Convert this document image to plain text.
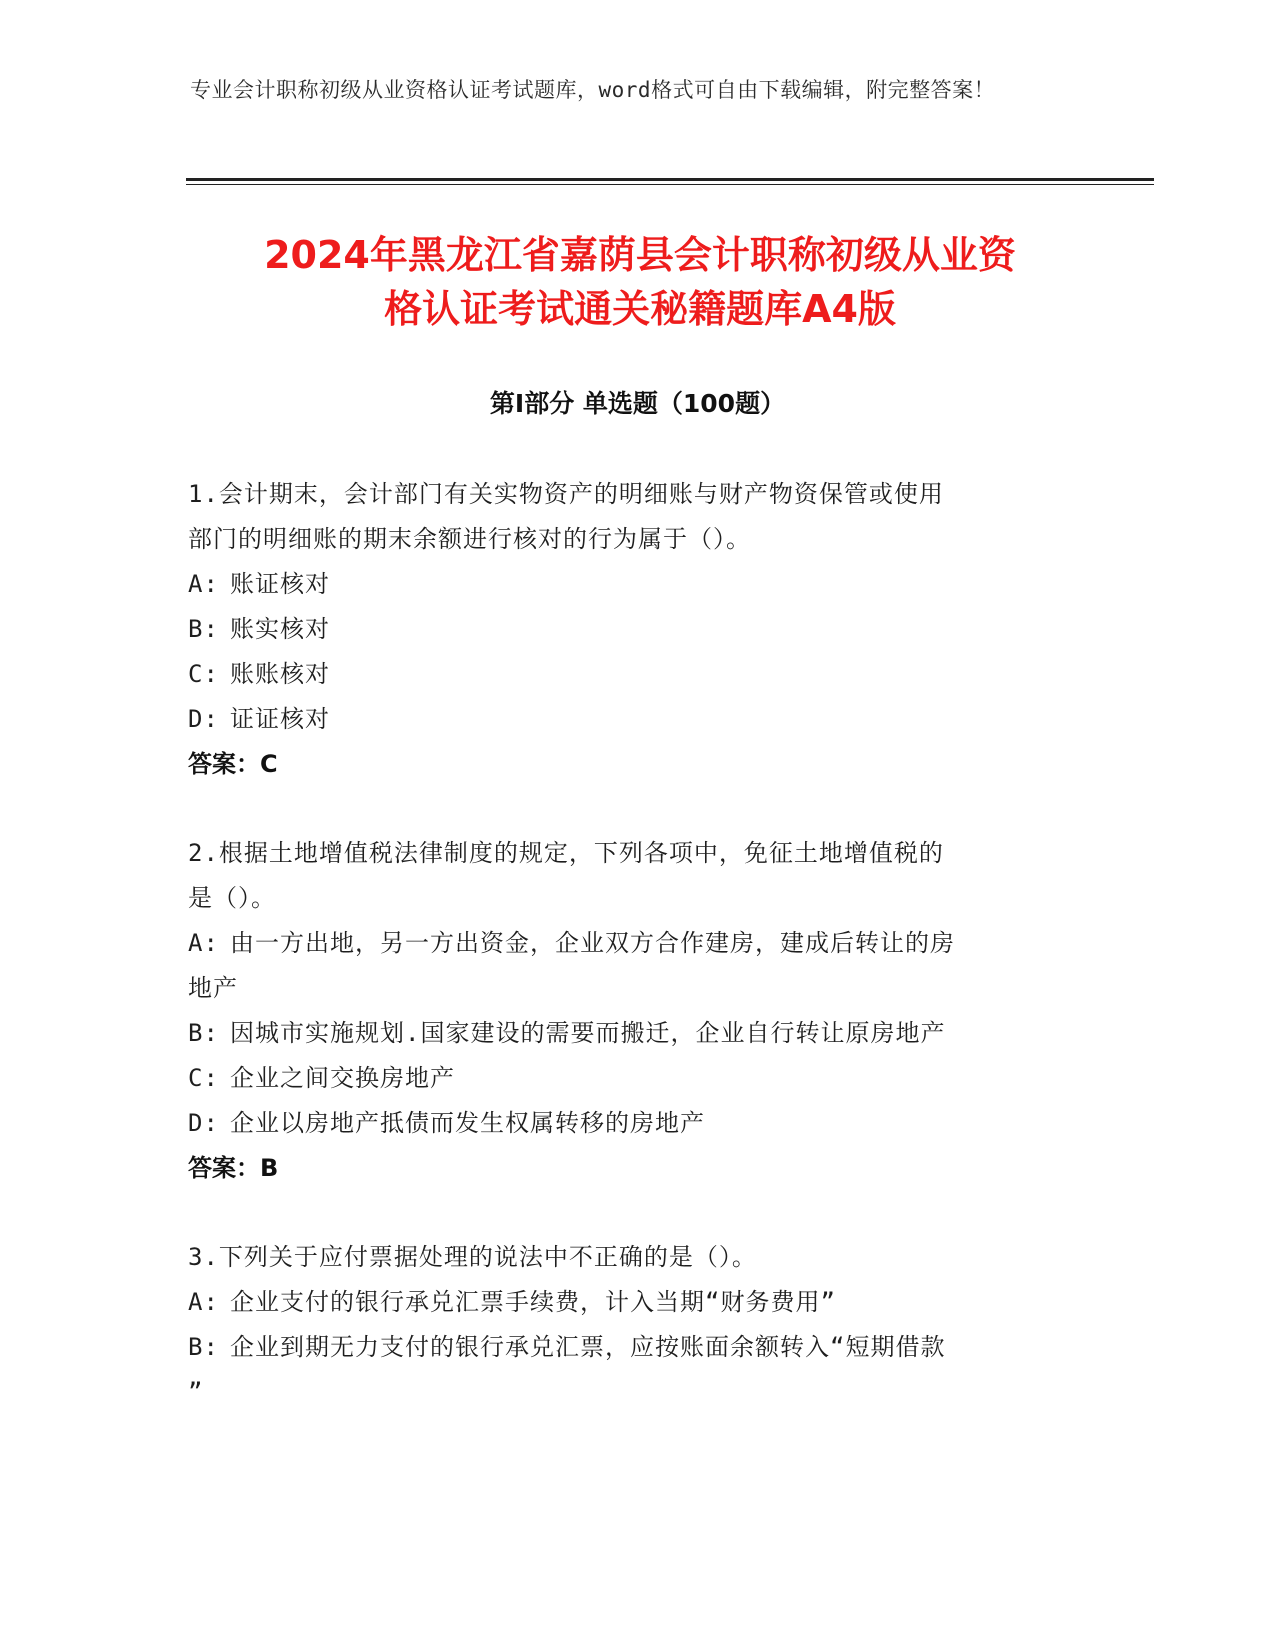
专业会计职称初级从业资格认证考试题库，word格式可自由下载编辑，附完整答案！
2024年黑龙江省嘉荫县会计职称初级从业资
格认证考试通关秘籍题库A4版
第Ⅰ部分 单选题（100题）
1.会计期末，会计部门有关实物资产的明细账与财产物资保管或使用
部门的明细账的期末余额进行核对的行为属于（）。
A: 账证核对
B: 账实核对
C: 账账核对
D: 证证核对
答案：C
2.根据土地增值税法律制度的规定，下列各项中，免征土地增值税的
是（）。
A: 由一方出地，另一方出资金，企业双方合作建房，建成后转让的房
地产
B: 因城市实施规划.国家建设的需要而搬迁，企业自行转让原房地产
C: 企业之间交换房地产
D: 企业以房地产抵债而发生权属转移的房地产
答案：B
3.下列关于应付票据处理的说法中不正确的是（）。
A: 企业支付的银行承兑汇票手续费，计入当期“财务费用”
B: 企业到期无力支付的银行承兑汇票，应按账面余额转入“短期借款
”
